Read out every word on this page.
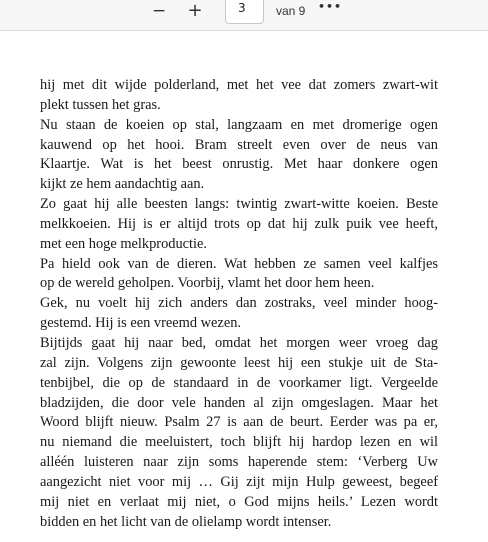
− +	3	van 9 •••

hij met dit wijde polderland, met het vee dat zomers zwart-wit
plekt tussen het gras.

Nu staan de koeien op stal, langzaam en met dromerige ogen
kauwend op het hooi. Bram streelt even over de neus van
Klaartje. Wat is het beest onrustig. Met haar donkere ogen
kijkt ze hem aandachtig aan.

Zo gaat hij alle beesten langs: twintig zwart-witte koeien. Beste
melkkoeien. Hij is er altijd trots op dat hij zulk puik vee heeft,
met een hoge melkproductie.

Pa hield ook van de dieren. Wat hebben ze samen veel kalfjes
op de wereld geholpen. Voorbij, vlamt het door hem heen.

Gek, nu voelt hij zich anders dan zostraks, veel minder hoog-
gestemd. Hij is een vreemd wezen.

Bijtijds gaat hij naar bed, omdat het morgen weer vroeg dag
zal zijn. Volgens zijn gewoonte leest hij een stukje uit de Sta-
tenbijbel, die op de standaard in de voorkamer ligt. Vergeelde
bladzijden, die door vele handen al zijn omgeslagen. Maar het
Woord blijft nieuw. Psalm 27 is aan de beurt. Eerder was pa er,
nu niemand die meeluistert, toch blijft hij hardop lezen en wil
alléén luisteren naar zijn soms haperende stem: ‘Verberg Uw
aangezicht niet voor mij … Gij zijt mijn Hulp geweest, begeef
mij niet en verlaat mij niet, o God mijns heils.’ Lezen wordt
bidden en het licht van de olielamp wordt intenser.
